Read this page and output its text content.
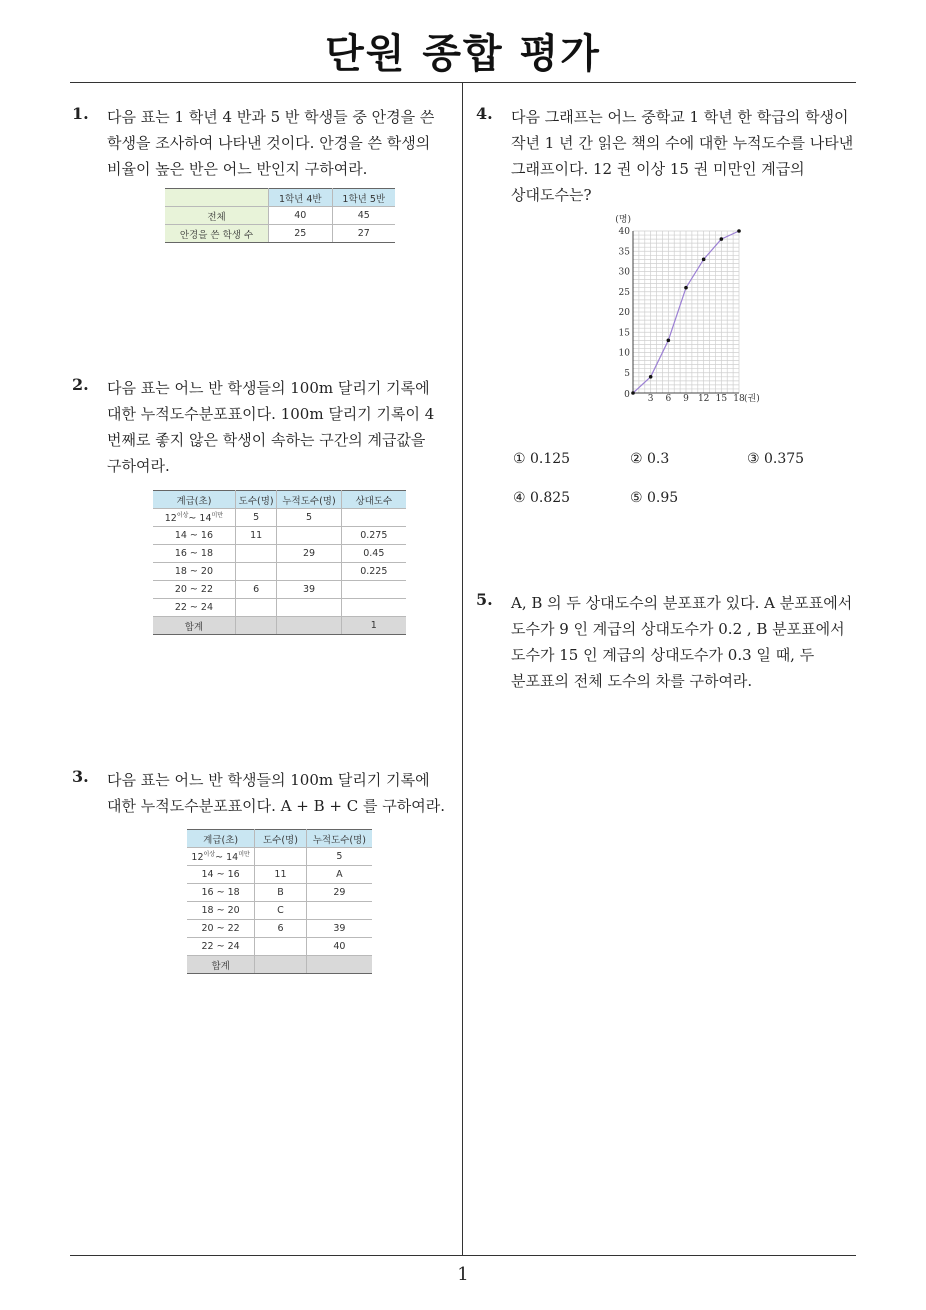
단원 종합 평가
1
1. 다음 표는 1 학년 4 반과 5 반 학생들 중 안경을 쓴
학생을 조사하여 나타낸 것이다. 안경을 쓴 학생의
비율이 높은 반은 어느 반인지 구하여라.
	1학년 4반	1학년 5반
전체	40	45
안경을 쓴 학생 수	25	27
2. 다음 표는 어느 반 학생들의 100m 달리기 기록에
대한 누적도수분포표이다. 100m 달리기 기록이 4
번째로 좋지 않은 학생이 속하는 구간의 계급값을
구하여라.
계급(초)	도수(명)	누적도수(명)	상대도수
$12^{이상}\sim$ $14^{미만}$	5	5	
14 ~ 16	11		0.275
16 ~ 18		29	0.45
18 ~ 20			0.225
20 ~ 22	6	39	
22 ~ 24			
합계			1
3. 다음 표는 어느 반 학생들의 100m 달리기 기록에
대한 누적도수분포표이다. A + B + C 를 구하여라.
계급(초)	도수(명)	누적도수(명)
$12^{이상}\sim$ $14^{미만}$		5
14 ~ 16	11	A
16 ~ 18	B	29
18 ~ 20	C	
20 ~ 22	6	39
22 ~ 24		40
합계		
4. 다음 그래프는 어느 중학교 1 학년 한 학급의 학생이
작년 1 년 간 읽은 책의 수에 대한 누적도수를 나타낸
그래프이다. 12 권 이상 15 권 미만인 계급의
상대도수는?
0 3 6 9 12 15 18
5
10
15
20
25
30
35
40
(명)
(권)
① 0.125	② 0.3	③ 0.375
④ 0.825	⑤ 0.95
5. A, B 의 두 상대도수의 분포표가 있다. A 분포표에서
도수가 9 인 계급의 상대도수가 0.2 , B 분포표에서
도수가 15 인 계급의 상대도수가 0.3 일 때, 두
분포표의 전체 도수의 차를 구하여라.
